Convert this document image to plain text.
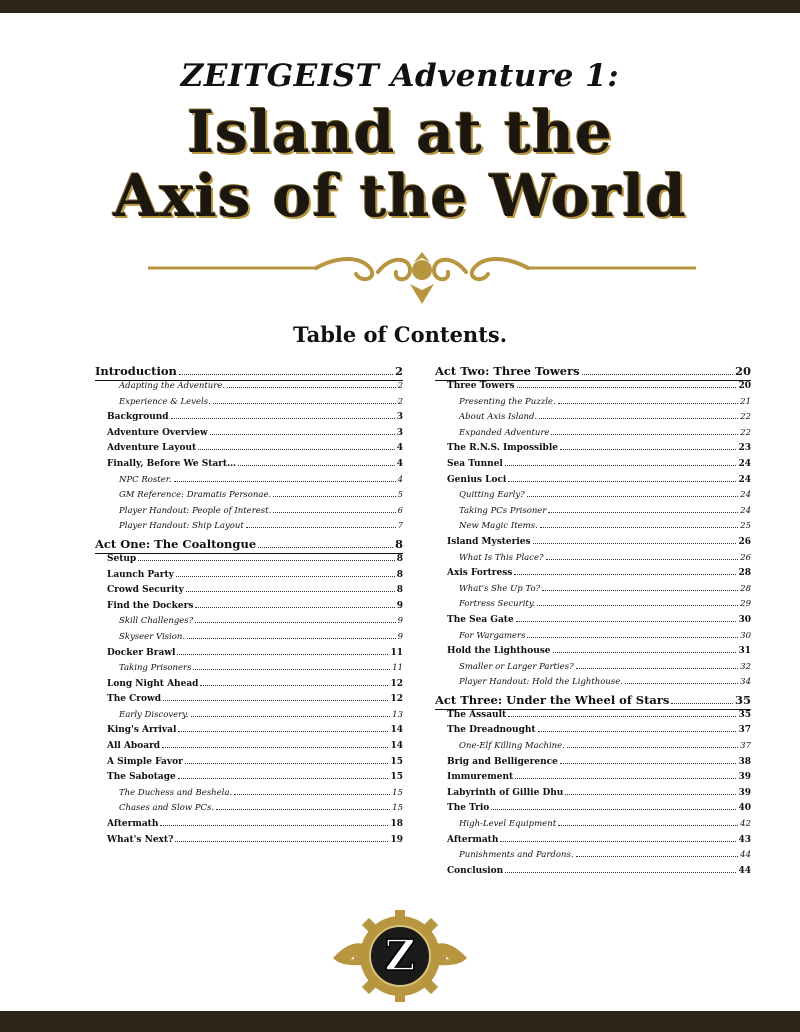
ZEITGEIST Adventure 1:
Island at the
Axis of the World
Table of Contents.
Introduction	2
Adapting the Adventure.	2
Experience & Levels.	2
Background	3
Adventure Overview	3
Adventure Layout	4
Finally, Before We Start…	4
NPC Roster.	4
GM Reference: Dramatis Personae.	5
Player Handout: People of Interest.	6
Player Handout: Ship Layout	7
Act One: The Coaltongue	8
Setup	8
Launch Party	8
Crowd Security	8
Find the Dockers	9
Skill Challenges?	9
Skyseer Vision.	9
Docker Brawl	11
Taking Prisoners	11
Long Night Ahead	12
The Crowd	12
Early Discovery.	13
King's Arrival	14
All Aboard	14
A Simple Favor	15
The Sabotage	15
The Duchess and Beshela.	15
Chases and Slow PCs.	15
Aftermath	18
What's Next?	19
Act Two: Three Towers	20
Three Towers	20
Presenting the Puzzle.	21
About Axis Island.	22
Expanded Adventure	22
The R.N.S. Impossible	23
Sea Tunnel	24
Genius Loci	24
Quitting Early?	24
Taking PCs Prisoner	24
New Magic Items.	25
Island Mysteries	26
What Is This Place?	26
Axis Fortress	28
What's She Up To?	28
Fortress Security.	29
The Sea Gate	30
For Wargamers	30
Hold the Lighthouse	31
Smaller or Larger Parties?	32
Player Handout: Hold the Lighthouse.	34
Act Three: Under the Wheel of Stars	35
The Assault	35
The Dreadnought	37
One-Elf Killing Machine.	37
Brig and Belligerence	38
Immurement	39
Labyrinth of Gillie Dhu	39
The Trio	40
High-Level Equipment	42
Aftermath	43
Punishments and Pardons.	44
Conclusion	44
Z
